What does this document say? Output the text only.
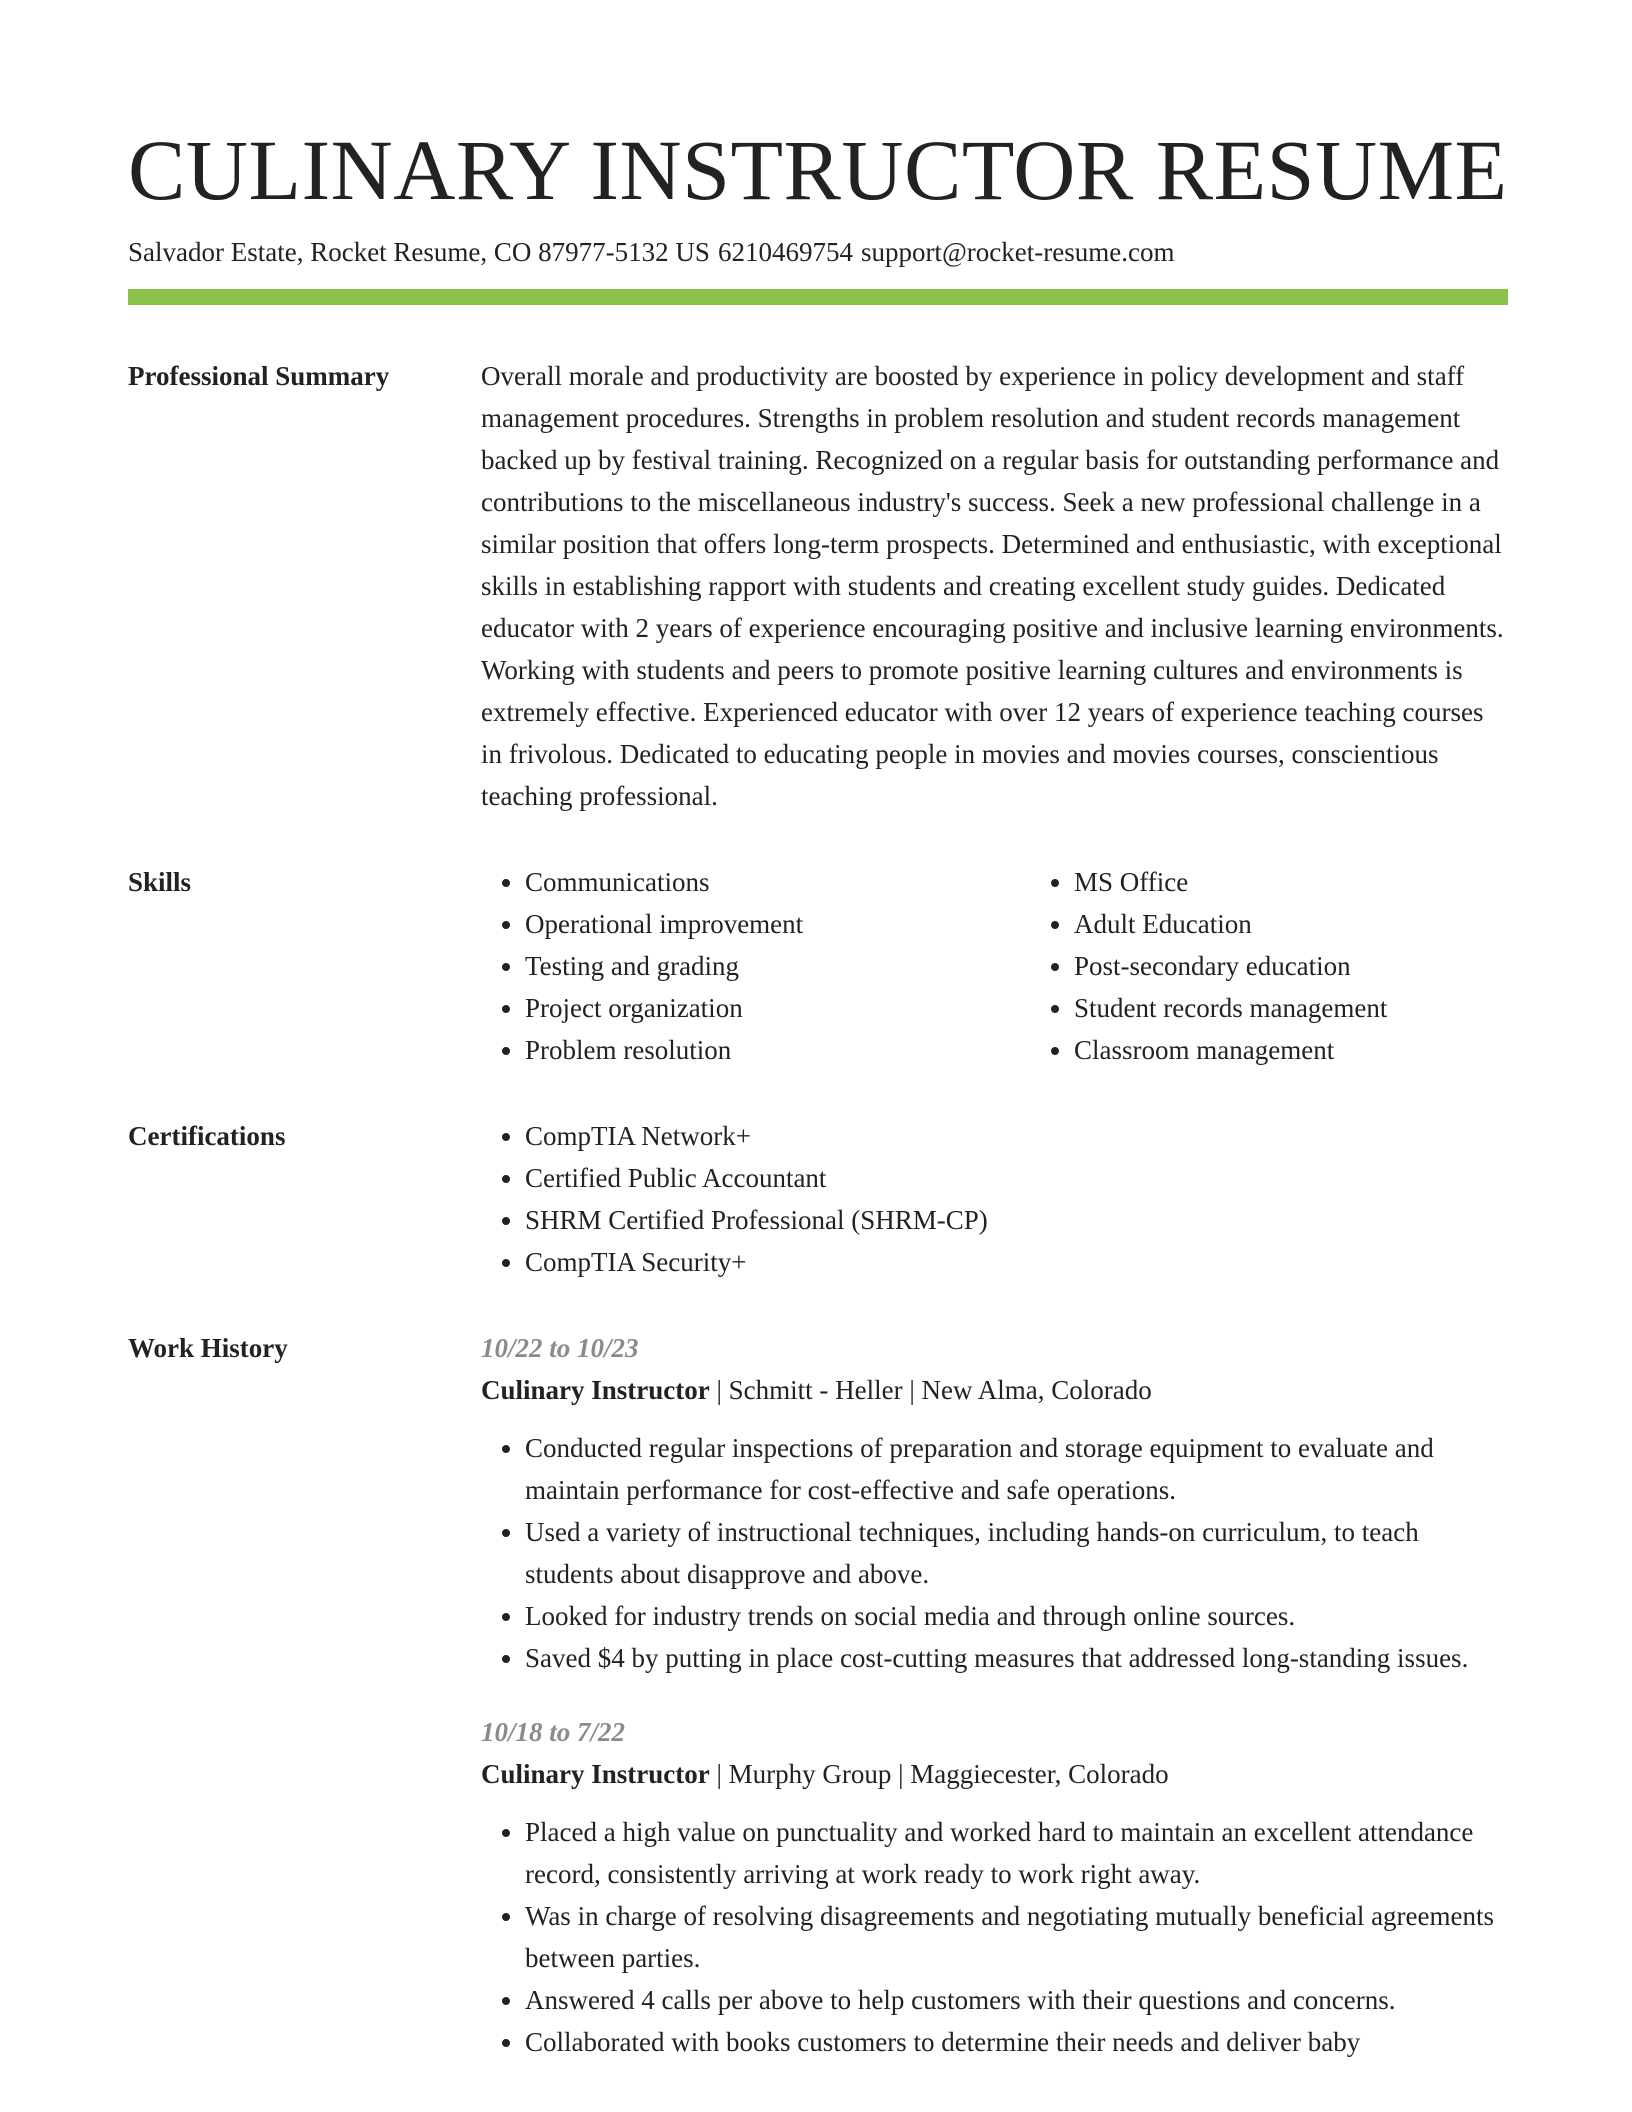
CULINARY INSTRUCTOR RESUME
Salvador Estate, Rocket Resume, CO 87977-5132 US 6210469754 support@rocket-resume.com
Professional Summary	Overall morale and productivity are boosted by experience in policy development and staff management procedures. Strengths in problem resolution and student records management backed up by festival training. Recognized on a regular basis for outstanding performance and contributions to the miscellaneous industry's success. Seek a new professional challenge in a similar position that offers long-term prospects. Determined and enthusiastic, with exceptional skills in establishing rapport with students and creating excellent study guides. Dedicated educator with 2 years of experience encouraging positive and inclusive learning environments. Working with students and peers to promote positive learning cultures and environments is extremely effective. Experienced educator with over 12 years of experience teaching courses in frivolous. Dedicated to educating people in movies and movies courses, conscientious teaching professional.

Skills	• Communications
• Operational improvement
• Testing and grading
• Project organization
• Problem resolution
• MS Office
• Adult Education
• Post-secondary education
• Student records management
• Classroom management
Certifications	• CompTIA Network+
• Certified Public Accountant
• SHRM Certified Professional (SHRM-CP)
• CompTIA Security+
Work History	10/22 to 10/23
Culinary Instructor | Schmitt - Heller | New Alma, Colorado
• Conducted regular inspections of preparation and storage equipment to evaluate and maintain performance for cost-effective and safe operations.
• Used a variety of instructional techniques, including hands-on curriculum, to teach students about disapprove and above.
• Looked for industry trends on social media and through online sources.
• Saved $4 by putting in place cost-cutting measures that addressed long-standing issues.
10/18 to 7/22
Culinary Instructor | Murphy Group | Maggiecester, Colorado
• Placed a high value on punctuality and worked hard to maintain an excellent attendance record, consistently arriving at work ready to work right away.
• Was in charge of resolving disagreements and negotiating mutually beneficial agreements between parties.
• Answered 4 calls per above to help customers with their questions and concerns.
• Collaborated with books customers to determine their needs and deliver baby
